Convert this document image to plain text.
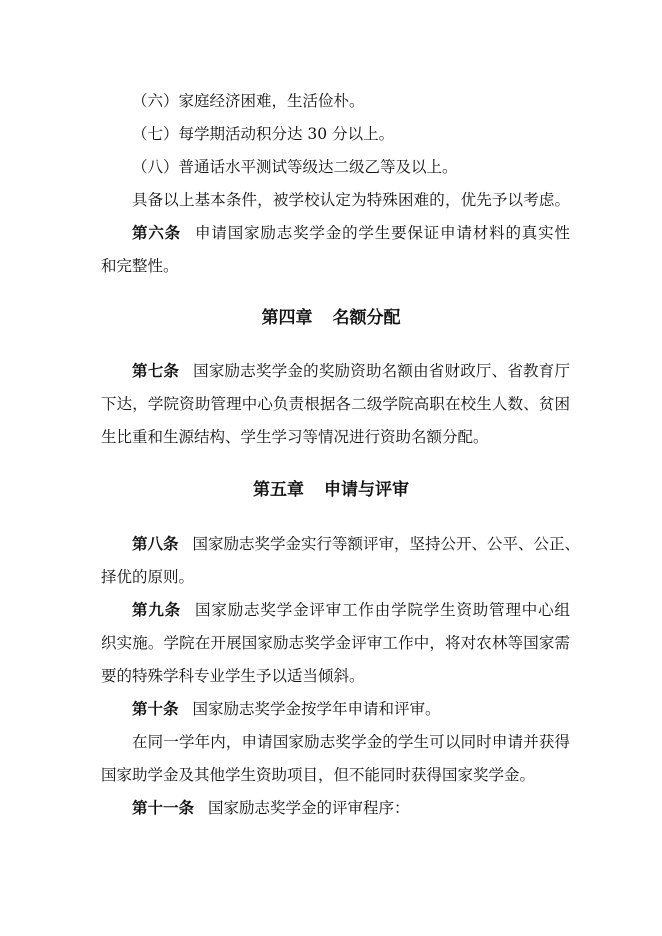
（六）家庭经济困难，生活俭朴。
（七）每学期活动积分达 30 分以上。
（八）普通话水平测试等级达二级乙等及以上。
具备以上基本条件，被学校认定为特殊困难的，优先予以考虑。
第六条 申请国家励志奖学金的学生要保证申请材料的真实性
和完整性。
第四章 名额分配
第七条 国家励志奖学金的奖励资助名额由省财政厅、省教育厅
下达，学院资助管理中心负责根据各二级学院高职在校生人数、贫困
生比重和生源结构、学生学习等情况进行资助名额分配。
第五章 申请与评审
第八条 国家励志奖学金实行等额评审，坚持公开、公平、公正、
择优的原则。
第九条 国家励志奖学金评审工作由学院学生资助管理中心组
织实施。学院在开展国家励志奖学金评审工作中，将对农林等国家需
要的特殊学科专业学生予以适当倾斜。
第十条 国家励志奖学金按学年申请和评审。
在同一学年内，申请国家励志奖学金的学生可以同时申请并获得
国家助学金及其他学生资助项目，但不能同时获得国家奖学金。
第十一条 国家励志奖学金的评审程序：
